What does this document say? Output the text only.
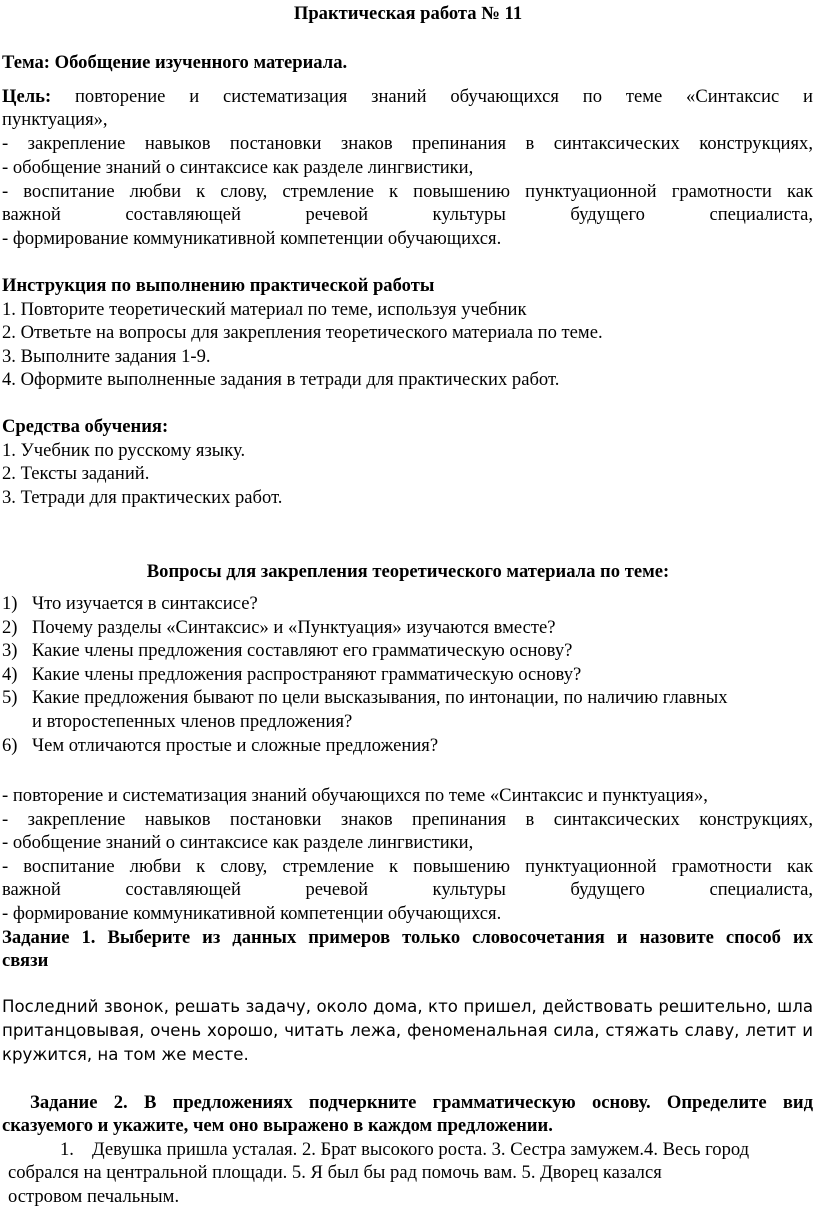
Практическая работа № 11
Тема: Обобщение изученного материала.
Цель: повторение и систематизация знаний обучающихся по теме «Синтаксис и
пунктуация»,
- закрепление навыков постановки знаков препинания в синтаксических конструкциях,
- обобщение знаний о синтаксисе как разделе лингвистики,
- воспитание любви к слову, стремление к повышению пунктуационной грамотности как
важной составляющей речевой культуры будущего специалиста,
- формирование коммуникативной компетенции обучающихся.
Инструкция по выполнению практической работы
1. Повторите теоретический материал по теме, используя учебник
2. Ответьте на вопросы для закрепления теоретического материала по теме.
3. Выполните задания 1-9.
4. Оформите выполненные задания в тетради для практических работ.
Средства обучения:
1. Учебник по русскому языку.
2. Тексты заданий.
3. Тетради для практических работ.
Вопросы для закрепления теоретического материала по теме:
1) Что изучается в синтаксисе?
2) Почему разделы «Синтаксис» и «Пунктуация» изучаются вместе?
3) Какие члены предложения составляют его грамматическую основу?
4) Какие члены предложения распространяют грамматическую основу?
5) Какие предложения бывают по цели высказывания, по интонации, по наличию главных
и второстепенных членов предложения?
6) Чем отличаются простые и сложные предложения?
- повторение и систематизация знаний обучающихся по теме «Синтаксис и пунктуация»,
- закрепление навыков постановки знаков препинания в синтаксических конструкциях,
- обобщение знаний о синтаксисе как разделе лингвистики,
- воспитание любви к слову, стремление к повышению пунктуационной грамотности как
важной составляющей речевой культуры будущего специалиста,
- формирование коммуникативной компетенции обучающихся.
Задание 1. Выберите из данных примеров только словосочетания и назовите способ их
связи
Последний звонок, решать задачу, около дома, кто пришел, действовать решительно, шла
пританцовывая, очень хорошо, читать лежа, феноменальная сила, стяжать славу, летит и
кружится, на том же месте.
Задание 2. В предложениях подчеркните грамматическую основу. Определите вид
сказуемого и укажите, чем оно выражено в каждом предложении.
1. Девушка пришла усталая. 2. Брат высокого роста. 3. Сестра замужем.4. Весь город
собрался на центральной площади. 5. Я был бы рад помочь вам. 5. Дворец казался
островом печальным.
